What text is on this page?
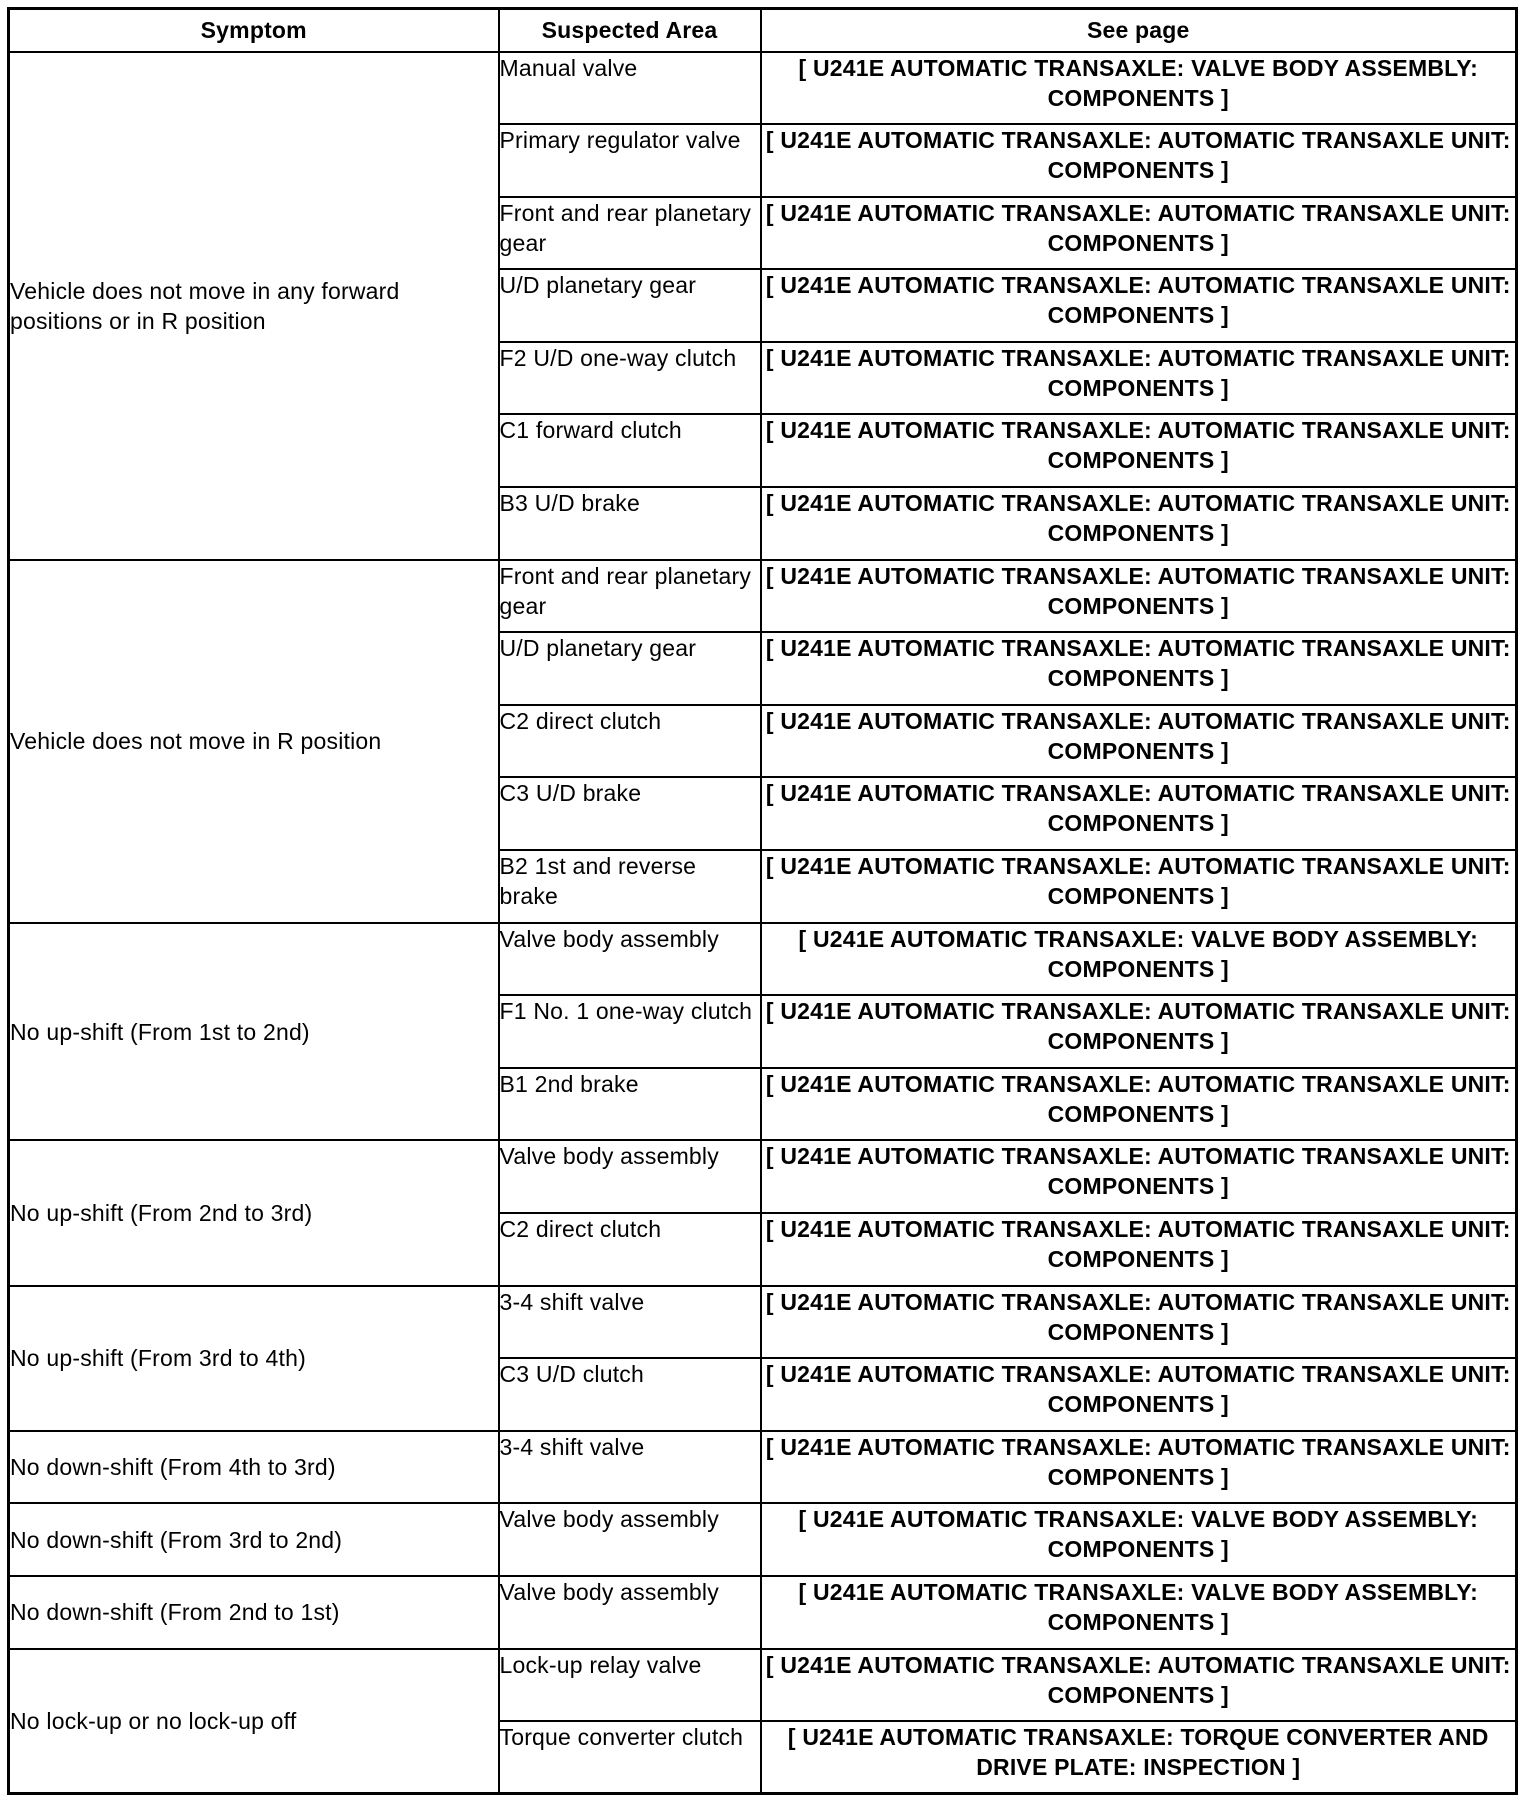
Symptom	Suspected Area	See page
Vehicle does not move in any forward positions or in R position	Manual valve	[ U241E AUTOMATIC TRANSAXLE: VALVE BODY ASSEMBLY: COMPONENTS ]
	Primary regulator valve	[ U241E AUTOMATIC TRANSAXLE: AUTOMATIC TRANSAXLE UNIT: COMPONENTS ]
	Front and rear planetary gear	[ U241E AUTOMATIC TRANSAXLE: AUTOMATIC TRANSAXLE UNIT: COMPONENTS ]
	U/D planetary gear	[ U241E AUTOMATIC TRANSAXLE: AUTOMATIC TRANSAXLE UNIT: COMPONENTS ]
	F2 U/D one-way clutch	[ U241E AUTOMATIC TRANSAXLE: AUTOMATIC TRANSAXLE UNIT: COMPONENTS ]
	C1 forward clutch	[ U241E AUTOMATIC TRANSAXLE: AUTOMATIC TRANSAXLE UNIT: COMPONENTS ]
	B3 U/D brake	[ U241E AUTOMATIC TRANSAXLE: AUTOMATIC TRANSAXLE UNIT: COMPONENTS ]
Vehicle does not move in R position	Front and rear planetary gear	[ U241E AUTOMATIC TRANSAXLE: AUTOMATIC TRANSAXLE UNIT: COMPONENTS ]
	U/D planetary gear	[ U241E AUTOMATIC TRANSAXLE: AUTOMATIC TRANSAXLE UNIT: COMPONENTS ]
	C2 direct clutch	[ U241E AUTOMATIC TRANSAXLE: AUTOMATIC TRANSAXLE UNIT: COMPONENTS ]
	C3 U/D brake	[ U241E AUTOMATIC TRANSAXLE: AUTOMATIC TRANSAXLE UNIT: COMPONENTS ]
	B2 1st and reverse brake	[ U241E AUTOMATIC TRANSAXLE: AUTOMATIC TRANSAXLE UNIT: COMPONENTS ]
No up-shift (From 1st to 2nd)	Valve body assembly	[ U241E AUTOMATIC TRANSAXLE: VALVE BODY ASSEMBLY: COMPONENTS ]
	F1 No. 1 one-way clutch	[ U241E AUTOMATIC TRANSAXLE: AUTOMATIC TRANSAXLE UNIT: COMPONENTS ]
	B1 2nd brake	[ U241E AUTOMATIC TRANSAXLE: AUTOMATIC TRANSAXLE UNIT: COMPONENTS ]
No up-shift (From 2nd to 3rd)	Valve body assembly	[ U241E AUTOMATIC TRANSAXLE: AUTOMATIC TRANSAXLE UNIT: COMPONENTS ]
	C2 direct clutch	[ U241E AUTOMATIC TRANSAXLE: AUTOMATIC TRANSAXLE UNIT: COMPONENTS ]
No up-shift (From 3rd to 4th)	3-4 shift valve	[ U241E AUTOMATIC TRANSAXLE: AUTOMATIC TRANSAXLE UNIT: COMPONENTS ]
	C3 U/D clutch	[ U241E AUTOMATIC TRANSAXLE: AUTOMATIC TRANSAXLE UNIT: COMPONENTS ]
No down-shift (From 4th to 3rd)	3-4 shift valve	[ U241E AUTOMATIC TRANSAXLE: AUTOMATIC TRANSAXLE UNIT: COMPONENTS ]
No down-shift (From 3rd to 2nd)	Valve body assembly	[ U241E AUTOMATIC TRANSAXLE: VALVE BODY ASSEMBLY: COMPONENTS ]
No down-shift (From 2nd to 1st)	Valve body assembly	[ U241E AUTOMATIC TRANSAXLE: VALVE BODY ASSEMBLY: COMPONENTS ]
No lock-up or no lock-up off	Lock-up relay valve	[ U241E AUTOMATIC TRANSAXLE: AUTOMATIC TRANSAXLE UNIT: COMPONENTS ]
	Torque converter clutch	[ U241E AUTOMATIC TRANSAXLE: TORQUE CONVERTER AND DRIVE PLATE: INSPECTION ]
